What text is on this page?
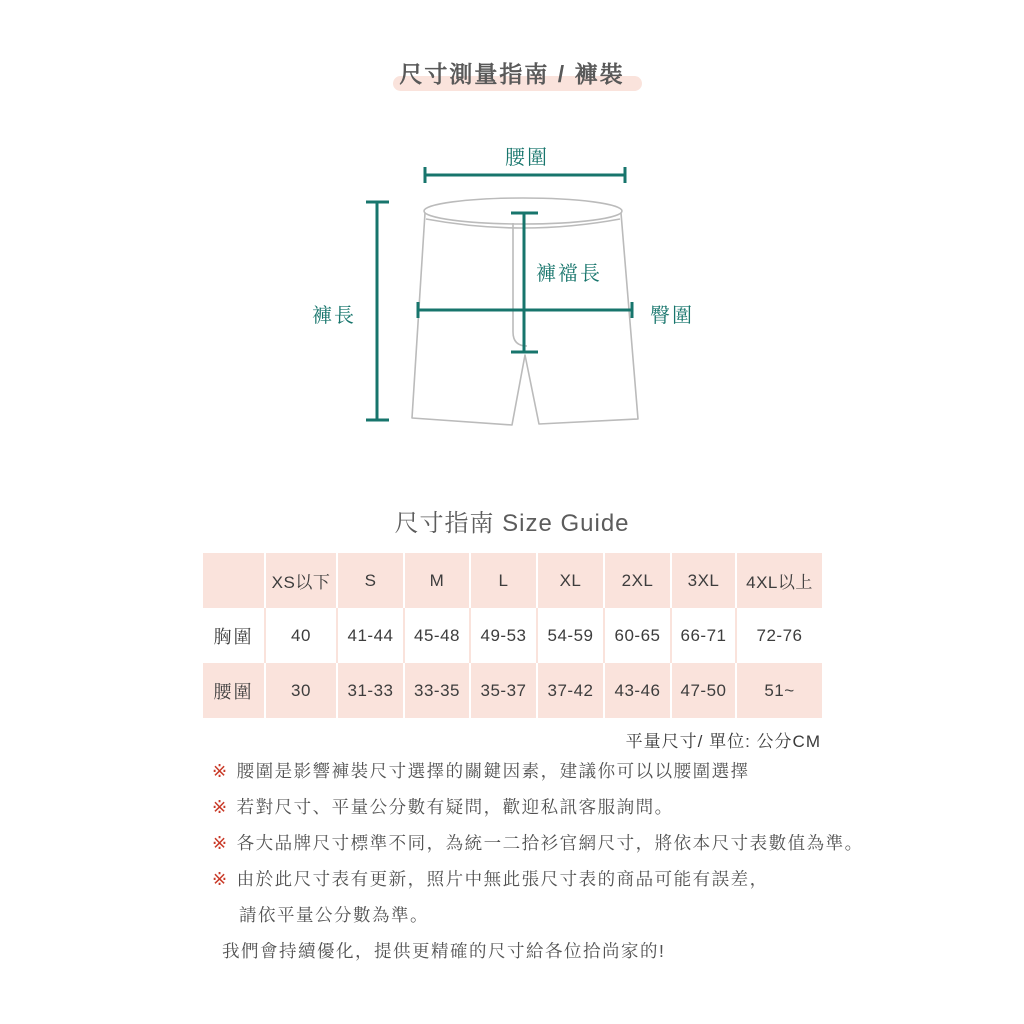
尺寸測量指南 / 褲裝
腰圍
褲長
褲襠長
臀圍
尺寸指南 Size Guide
	XS以下	S	M	L	XL	2XL	3XL	4XL以上
胸圍	40	41-44	45-48	49-53	54-59	60-65	66-71	72-76
腰圍	30	31-33	33-35	35-37	37-42	43-46	47-50	51~
平量尺寸/ 單位: 公分CM
※ 腰圍是影響褲裝尺寸選擇的關鍵因素，建議你可以以腰圍選擇
※ 若對尺寸、平量公分數有疑問，歡迎私訊客服詢問。
※ 各大品牌尺寸標準不同，為統一二拾衫官網尺寸，將依本尺寸表數值為準。
※ 由於此尺寸表有更新，照片中無此張尺寸表的商品可能有誤差，
請依平量公分數為準。
我們會持續優化，提供更精確的尺寸給各位拾尚家的!
